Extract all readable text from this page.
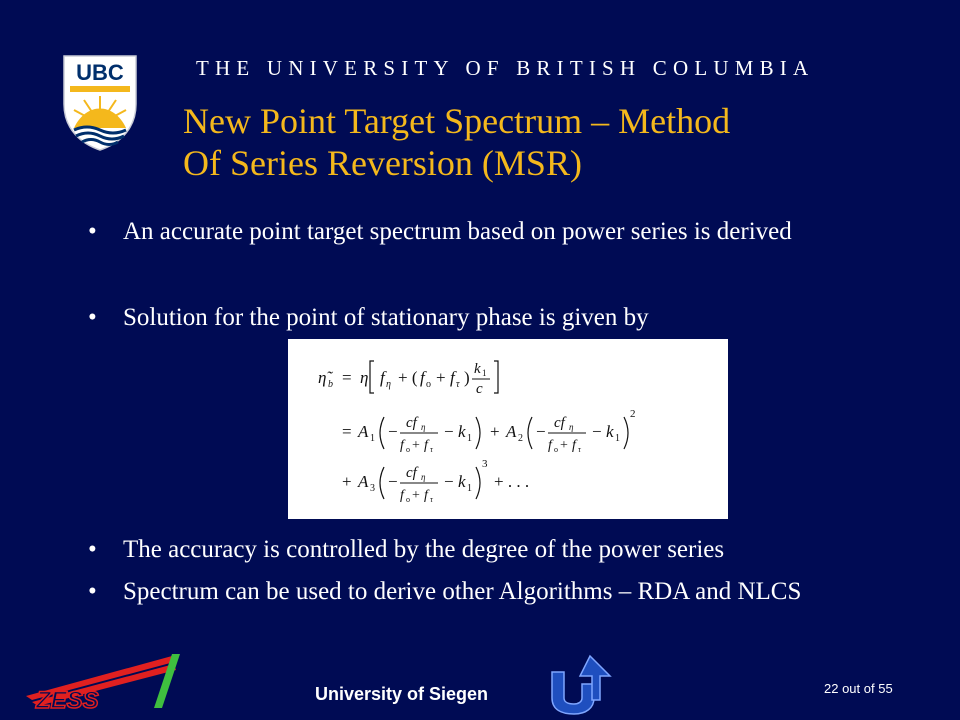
UBC	THE UNIVERSITY OF BRITISH COLUMBIA
New Point Target Spectrum – Method
Of Series Reversion (MSR)
• An accurate point target spectrum based on power series is derived
• Solution for the point of stationary phase is given by
η̃ b = η f η + ( f o + f τ ) k 1
c
= A 1 − cf η
f o + f τ
− k 1 + A 2 − cf η
f o + f τ
− k 1
2
+ A 3 − cf η
f o + f τ
− k 1
3
+ . . .
• The accuracy is controlled by the degree of the power series
• Spectrum can be used to derive other Algorithms – RDA and NLCS
ZESS	University of Siegen	22 out of 55
